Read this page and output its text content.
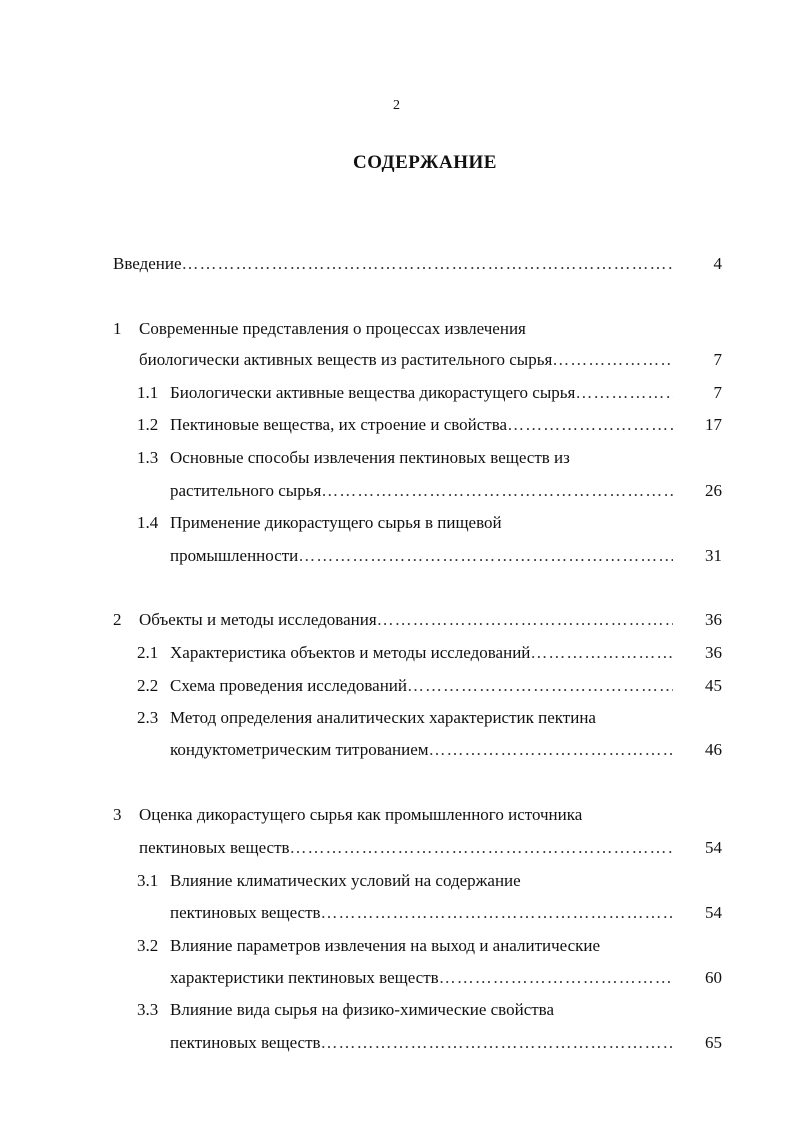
2
СОДЕРЖАНИЕ
Введение ……………………………………………………………………………………………………………………………………………………………………	4
1	Современные представления о процессах извлечения
биологически активных веществ из растительного сырья ……………………………………………………………………………………………………………………………………………………………………	7
1.1 Биологически активные вещества дикорастущего сырья ……………………………………………………………………………………………………………………………………………………………………	7
1.2 Пектиновые вещества, их строение и свойства ……………………………………………………………………………………………………………………………………………………………………	17
1.3 Основные способы извлечения пектиновых веществ из
растительного сырья ……………………………………………………………………………………………………………………………………………………………………	26
1.4 Применение дикорастущего сырья в пищевой
промышленности ……………………………………………………………………………………………………………………………………………………………………	31
2	Объекты и методы исследования ……………………………………………………………………………………………………………………………………………………………………	36
2.1 Характеристика объектов и методы исследований ……………………………………………………………………………………………………………………………………………………………………	36
2.2 Схема проведения исследований ……………………………………………………………………………………………………………………………………………………………………	45
2.3 Метод определения аналитических характеристик пектина
кондуктометрическим титрованием ……………………………………………………………………………………………………………………………………………………………………	46
3	Оценка дикорастущего сырья как промышленного источника
пектиновых веществ ……………………………………………………………………………………………………………………………………………………………………	54
3.1 Влияние климатических условий на содержание
пектиновых веществ ……………………………………………………………………………………………………………………………………………………………………	54
3.2 Влияние параметров извлечения на выход и аналитические
характеристики пектиновых веществ ……………………………………………………………………………………………………………………………………………………………………	60
3.3 Влияние вида сырья на физико-химические свойства
пектиновых веществ ……………………………………………………………………………………………………………………………………………………………………	65
